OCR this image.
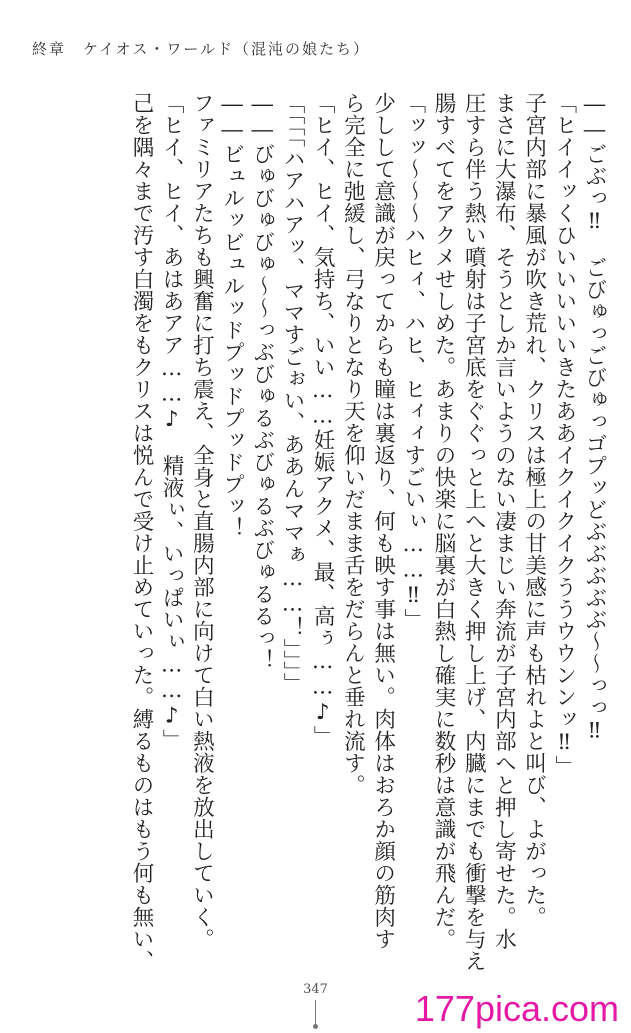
終章　ケイオス・ワールド（混沌の娘たち）

――ごぶっ‼　ごびゅっごびゅっゴプッどぶぶぶぶぶ〜〜っっ‼

「ヒイイッくひいいいいいきたああイクイクイクううウウンンッ‼」

子宮内部に暴風が吹き荒れ、クリスは極上の甘美感に声も枯れよと叫び、よがった。

まさに大瀑布、そうとしか言いようのない凄まじい奔流が子宮内部へと押し寄せた。水

圧すら伴う熱い噴射は子宮底をぐぐっと上へと大きく押し上げ、内臓にまでも衝撃を与え

腸すべてをアクメせしめた。あまりの快楽に脳裏が白熱し確実に数秒は意識が飛んだ。

「ッッ〜〜〜ハヒィ、ハヒ、ヒィィすごいぃ……‼」

少しして意識が戻ってからも瞳は裏返り、何も映す事は無い。肉体はおろか顔の筋肉す

ら完全に弛緩し、弓なりとなり天を仰いだまま舌をだらんと垂れ流す。

「ヒイ、ヒイ、気持ち、いい……妊娠アクメ、最、高ぅ……♪」

「「「「ハアハアッ、ママすごぉい、ああんママぁ……！」」」」

――びゅびゅびゅ〜〜っぶびゅるぶびゅるぶびゅるるっ！

――ビュルッビュルッドプッドプッドプッ！

ファミリアたちも興奮に打ち震え、全身と直腸内部に向けて白い熱液を放出していく。

「ヒイ、ヒイ、あはあアア……♪　精液ぃ、いっぱいぃ……♪」

己を隅々まで汚す白濁をもクリスは悦んで受け止めていった。縛るものはもう何も無い、

347	177pica.com
